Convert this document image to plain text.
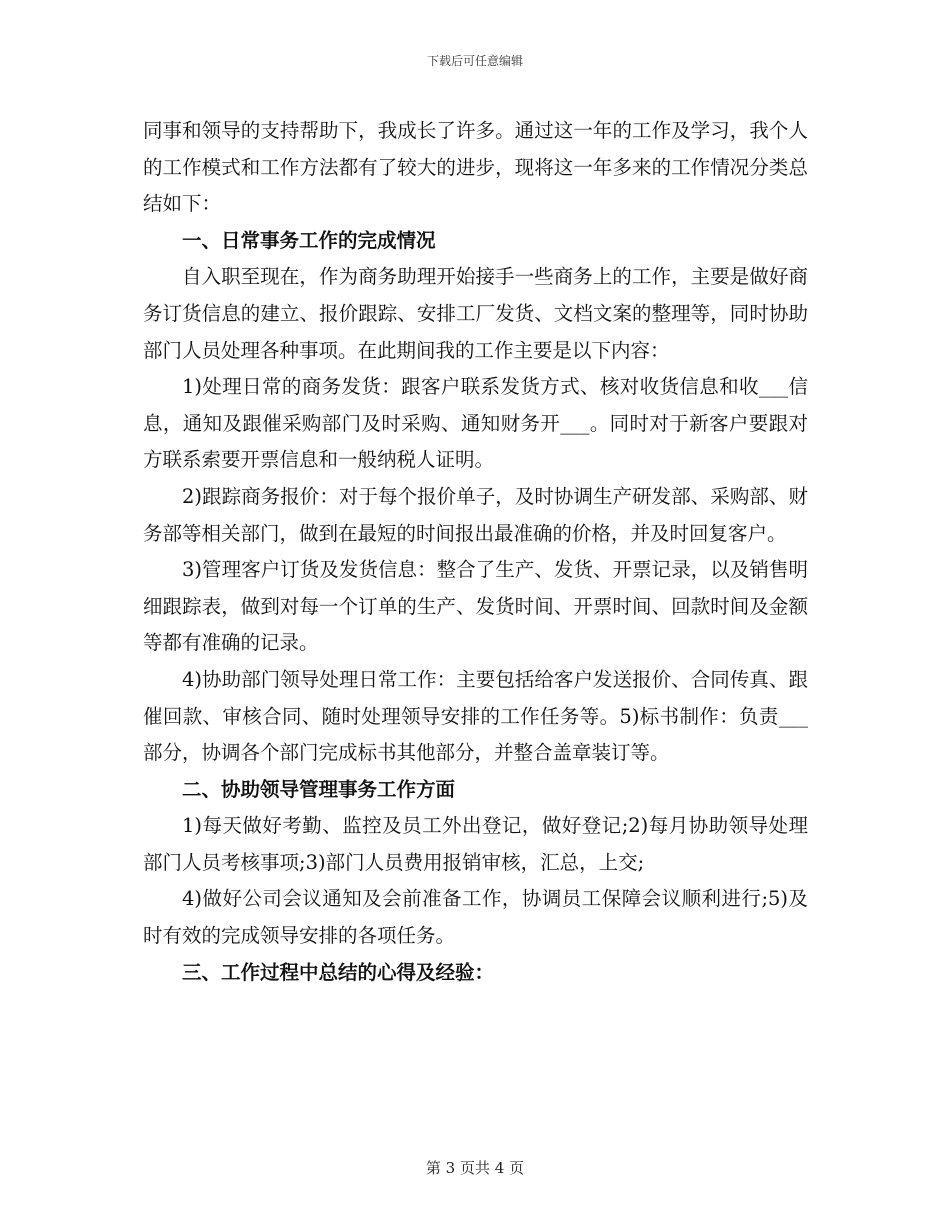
下载后可任意编辑

同事和领导的支持帮助下，我成长了许多。通过这一年的工作及学习，我个人的工作模式和工作方法都有了较大的进步，现将这一年多来的工作情况分类总结如下：

一、日常事务工作的完成情况

自入职至现在，作为商务助理开始接手一些商务上的工作，主要是做好商务订货信息的建立、报价跟踪、安排工厂发货、文档文案的整理等，同时协助部门人员处理各种事项。在此期间我的工作主要是以下内容：

1)处理日常的商务发货：跟客户联系发货方式、核对收货信息和收___信息，通知及跟催采购部门及时采购、通知财务开___。同时对于新客户要跟对方联系索要开票信息和一般纳税人证明。

2)跟踪商务报价：对于每个报价单子，及时协调生产研发部、采购部、财务部等相关部门，做到在最短的时间报出最准确的价格，并及时回复客户。

3)管理客户订货及发货信息：整合了生产、发货、开票记录，以及销售明细跟踪表，做到对每一个订单的生产、发货时间、开票时间、回款时间及金额等都有准确的记录。

4)协助部门领导处理日常工作：主要包括给客户发送报价、合同传真、跟催回款、审核合同、随时处理领导安排的工作任务等。5)标书制作：负责___部分，协调各个部门完成标书其他部分，并整合盖章装订等。

二、协助领导管理事务工作方面

1)每天做好考勤、监控及员工外出登记，做好登记;2)每月协助领导处理部门人员考核事项;3)部门人员费用报销审核，汇总，上交;

4)做好公司会议通知及会前准备工作，协调员工保障会议顺利进行;5)及时有效的完成领导安排的各项任务。

三、工作过程中总结的心得及经验：

第 3 页共 4 页
